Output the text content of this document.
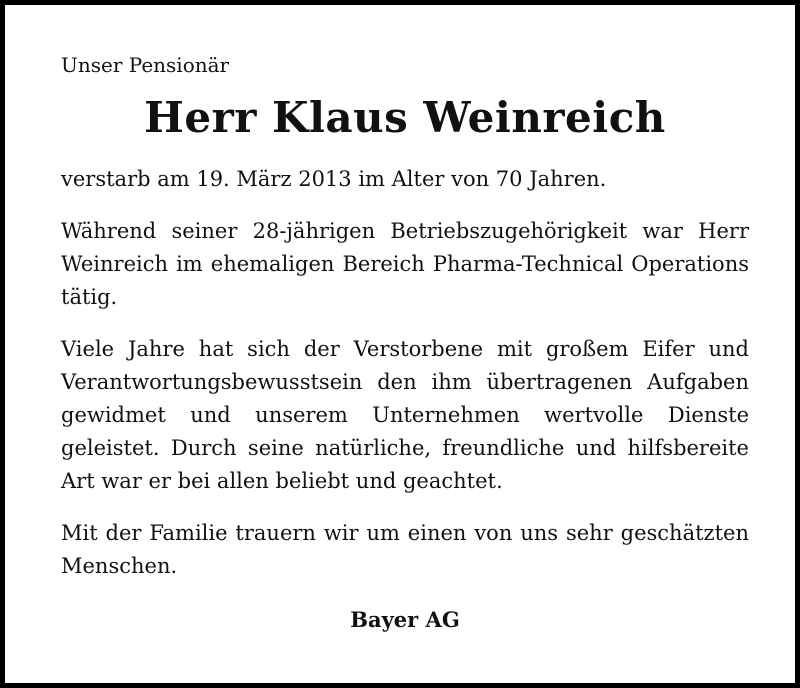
Unser Pensionär

Herr Klaus Weinreich

verstarb am 19. März 2013 im Alter von 70 Jahren.

Während seiner 28-jährigen Betriebszugehörigkeit war Herr Weinreich im ehemaligen Bereich Pharma-Technical Operations tätig.

Viele Jahre hat sich der Verstorbene mit großem Eifer und Verantwortungsbewusstsein den ihm übertragenen Aufgaben gewidmet und unserem Unternehmen wertvolle Dienste geleistet. Durch seine natürliche, freundliche und hilfsbereite Art war er bei allen beliebt und geachtet.

Mit der Familie trauern wir um einen von uns sehr geschätzten Menschen.

Bayer AG
